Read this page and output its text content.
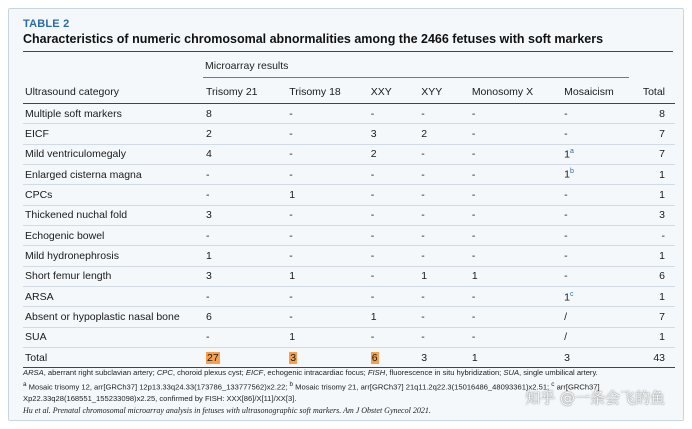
TABLE 2
Characteristics of numeric chromosomal abnormalities among the 2466 fetuses with soft markers
Microarray results
Ultrasound category	Trisomy 21	Trisomy 18	XXY	XYY	Monosomy X	Mosaicism	Total
Multiple soft markers	8	-	-	-	-	-	8
EICF	2	-	3	2	-	-	7
Mild ventriculomegaly	4	-	2	-	-	1$^a$	7
Enlarged cisterna magna	-	-	-	-	-	1$^b$	1
CPCs	-	1	-	-	-	-	1
Thickened nuchal fold	3	-	-	-	-	-	3
Echogenic bowel	-	-	-	-	-	-	-
Mild hydronephrosis	1	-	-	-	-	-	1
Short femur length	3	1	-	1	1	-	6
ARSA	-	-	-	-	-	1$^c$	1
Absent or hypoplastic nasal bone	6	-	1	-	-	/	7
SUA	-	1	-	-	-	/	1
Total	27	3	6	3	1	3	43

ARSA, aberrant right subclavian artery; CPC, choroid plexus cyst; EICF, echogenic intracardiac focus; FISH, fluorescence in situ hybridization; SUA, single umbilical artery.

$^a$ Mosaic trisomy 12, arr[GRCh37] 12p13.33q24.33(173786_133777562)x2.22; $^b$ Mosaic trisomy 21, arr[GRCh37] 21q11.2q22.3(15016486_48093361)x2.51; $^c$ arr[GRCh37] Xp22.33q28(168551_155233098)x2.25, confirmed by FISH: XXX[86]/X[11]/XX[3].

Hu et al. Prenatal chromosomal microarray analysis in fetuses with ultrasonographic soft markers. Am J Obstet Gynecol 2021.
知乎 @一条会飞的鱼
